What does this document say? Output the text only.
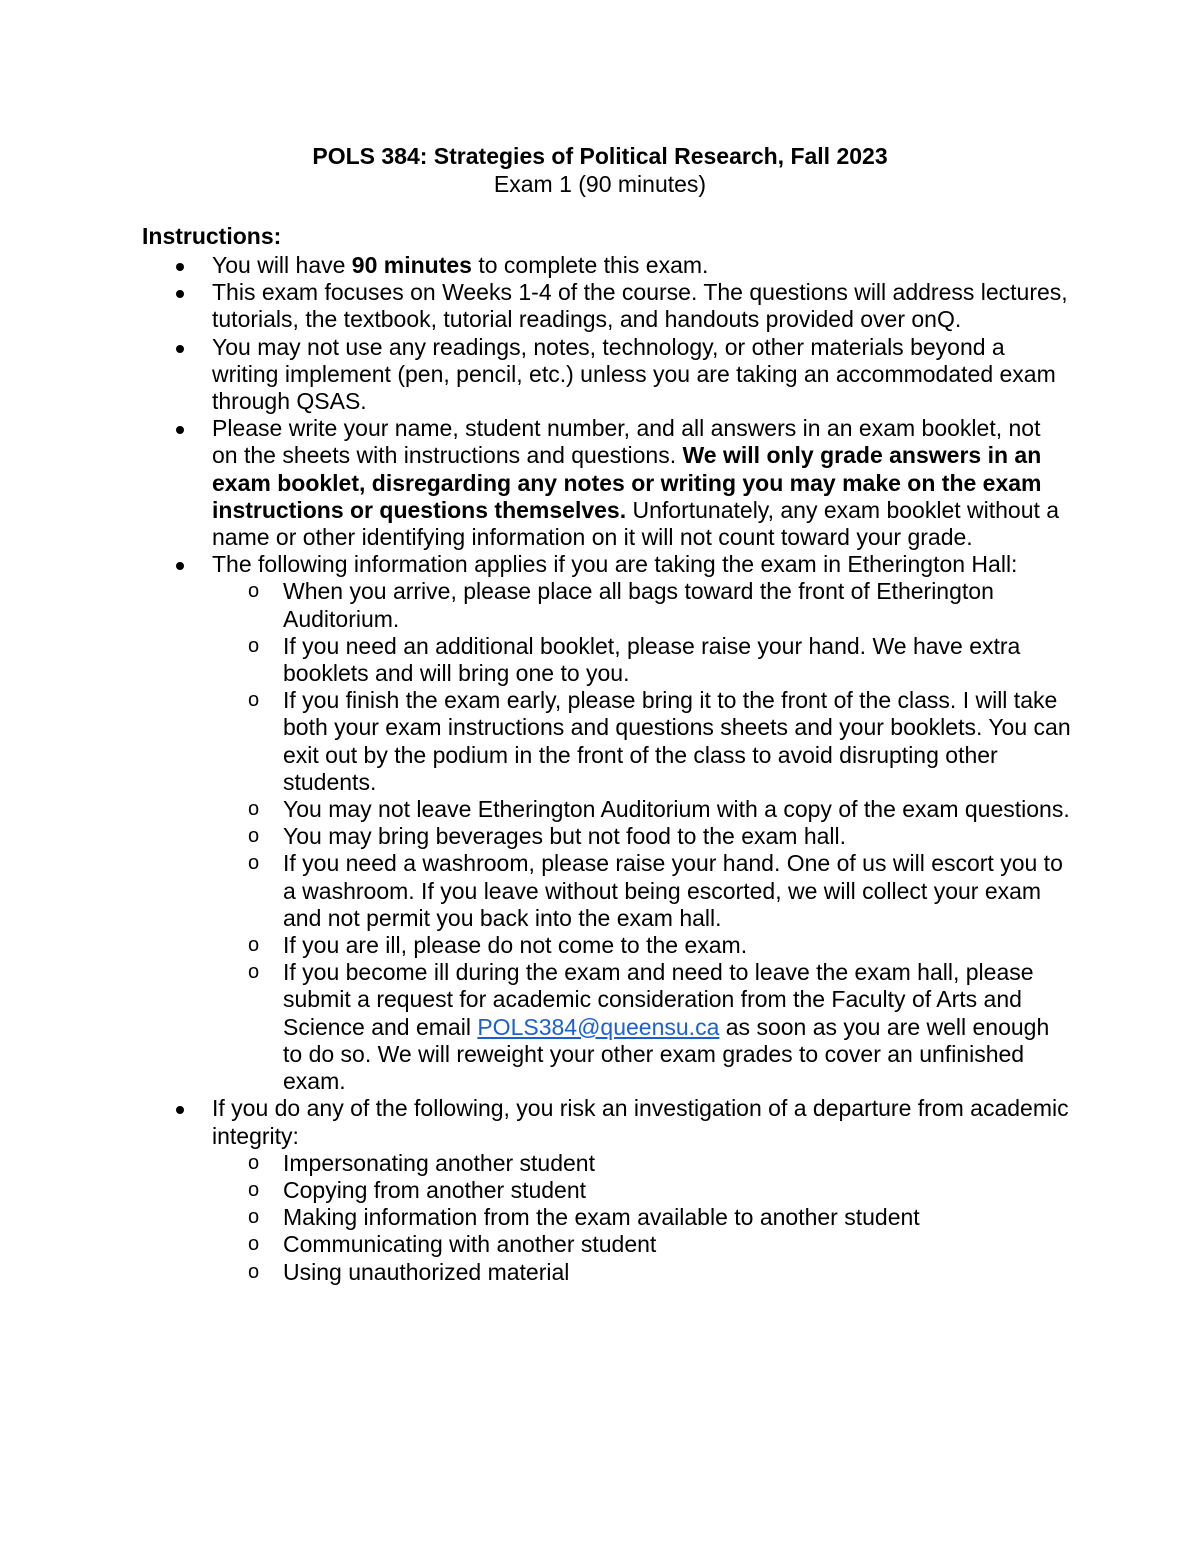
POLS 384: Strategies of Political Research, Fall 2023

Exam 1 (90 minutes)

Instructions:

You will have 90 minutes to complete this exam.
This exam focuses on Weeks 1-4 of the course. The questions will address lectures, tutorials, the textbook, tutorial readings, and handouts provided over onQ.
You may not use any readings, notes, technology, or other materials beyond a writing implement (pen, pencil, etc.) unless you are taking an accommodated exam through QSAS.
Please write your name, student number, and all answers in an exam booklet, not on the sheets with instructions and questions. We will only grade answers in an exam booklet, disregarding any notes or writing you may make on the exam instructions or questions themselves. Unfortunately, any exam booklet without a name or other identifying information on it will not count toward your grade.
The following information applies if you are taking the exam in Etherington Hall:
o When you arrive, please place all bags toward the front of Etherington Auditorium.
o If you need an additional booklet, please raise your hand. We have extra booklets and will bring one to you.
o If you finish the exam early, please bring it to the front of the class. I will take both your exam instructions and questions sheets and your booklets. You can exit out by the podium in the front of the class to avoid disrupting other students.
o You may not leave Etherington Auditorium with a copy of the exam questions.
o You may bring beverages but not food to the exam hall.
o If you need a washroom, please raise your hand. One of us will escort you to a washroom. If you leave without being escorted, we will collect your exam and not permit you back into the exam hall.
o If you are ill, please do not come to the exam.
o If you become ill during the exam and need to leave the exam hall, please submit a request for academic consideration from the Faculty of Arts and Science and email POLS384@queensu.ca as soon as you are well enough to do so. We will reweight your other exam grades to cover an unfinished exam.
If you do any of the following, you risk an investigation of a departure from academic integrity:
o Impersonating another student
o Copying from another student
o Making information from the exam available to another student
o Communicating with another student
o Using unauthorized material
